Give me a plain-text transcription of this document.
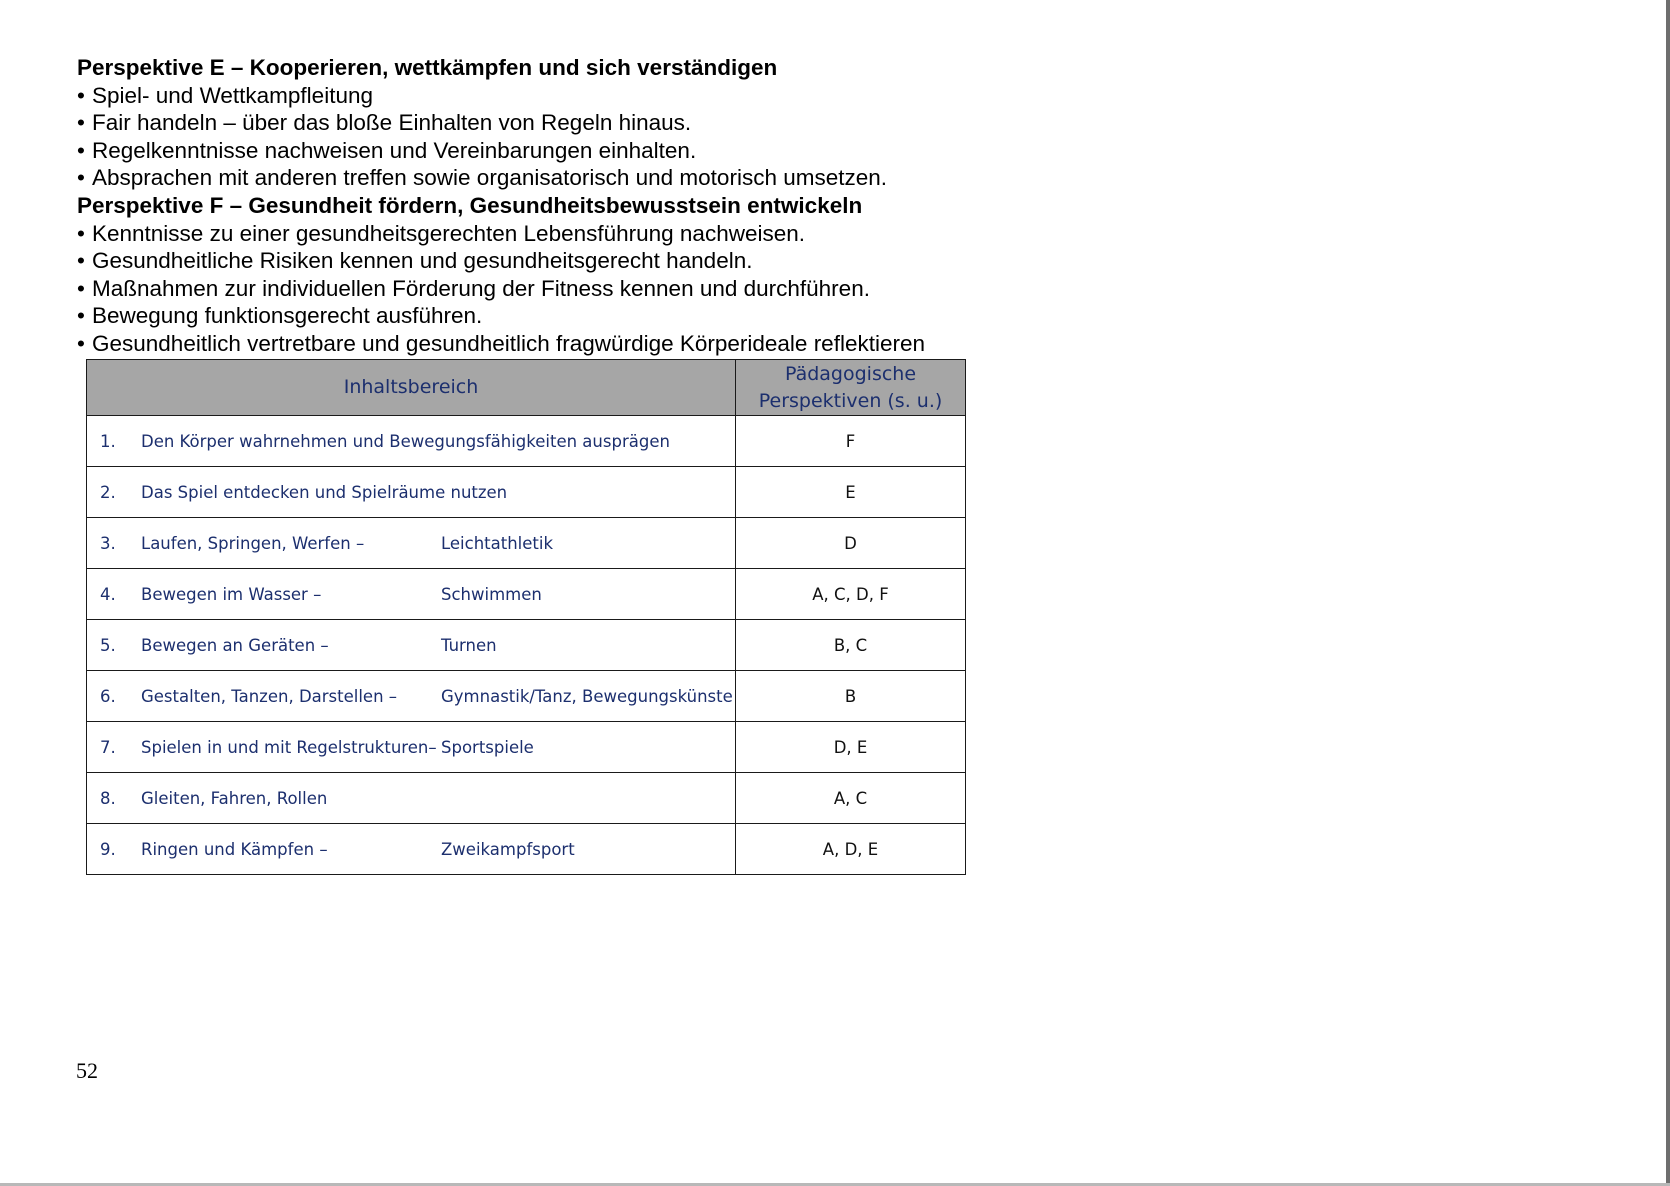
Perspektive E – Kooperieren, wettkämpfen und sich verständigen
• Spiel- und Wettkampfleitung
• Fair handeln – über das bloße Einhalten von Regeln hinaus.
• Regelkenntnisse nachweisen und Vereinbarungen einhalten.
• Absprachen mit anderen treffen sowie organisatorisch und motorisch umsetzen.
Perspektive F – Gesundheit fördern, Gesundheitsbewusstsein entwickeln
• Kenntnisse zu einer gesundheitsgerechten Lebensführung nachweisen.
• Gesundheitliche Risiken kennen und gesundheitsgerecht handeln.
• Maßnahmen zur individuellen Förderung der Fitness kennen und durchführen.
• Bewegung funktionsgerecht ausführen.
• Gesundheitlich vertretbare und gesundheitlich fragwürdige Körperideale reflektieren
Inhaltsbereich	Pädagogische
Perspektiven (s. u.)

1. Den Körper wahrnehmen und Bewegungsfähigkeiten ausprägen	F

2. Das Spiel entdecken und Spielräume nutzen	E

3. Laufen, Springen, Werfen – Leichtathletik	D

4. Bewegen im Wasser – Schwimmen	A, C, D, F

5. Bewegen an Geräten – Turnen	B, C

6. Gestalten, Tanzen, Darstellen – Gymnastik/Tanz, Bewegungskünste	B

7. Spielen in und mit Regelstrukturen– Sportspiele	D, E

8. Gleiten, Fahren, Rollen	A, C

9. Ringen und Kämpfen – Zweikampfsport	A, D, E
52
